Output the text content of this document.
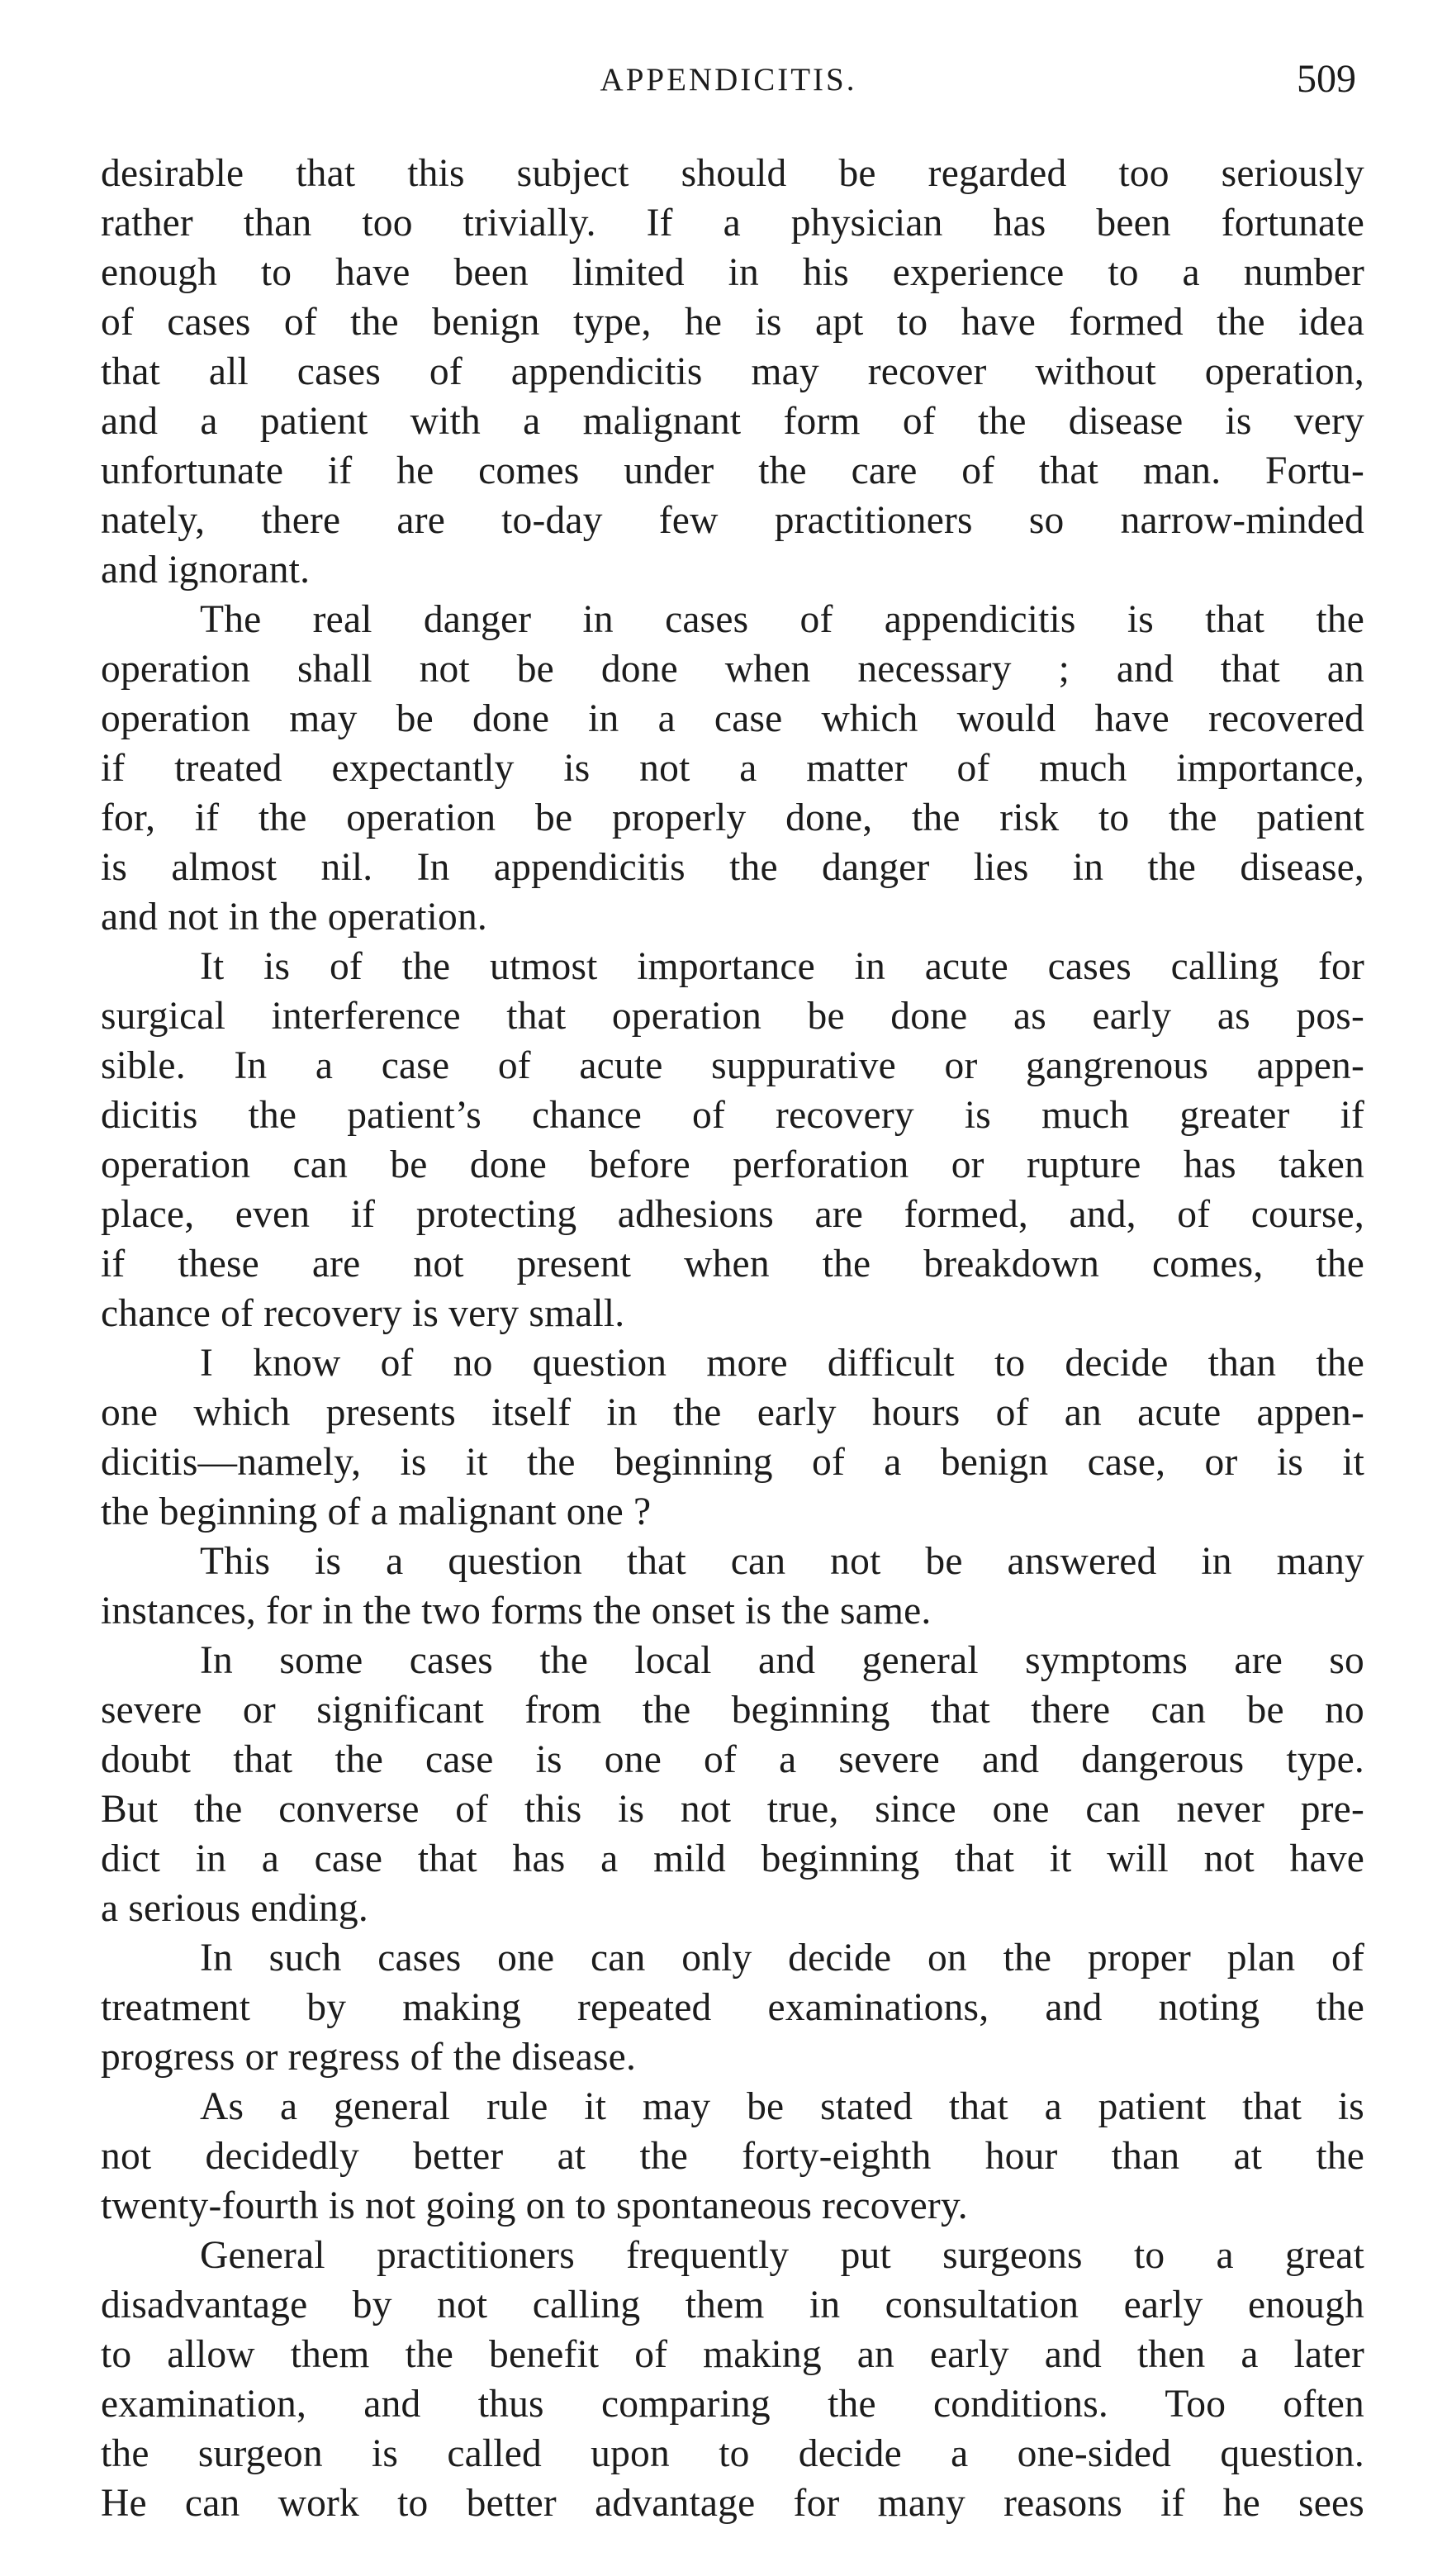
APPENDICITIS.	509
desirable that this subject should be regarded too seriously
rather than too trivially. If a physician has been fortunate
enough to have been limited in his experience to a number
of cases of the benign type, he is apt to have formed the idea
that all cases of appendicitis may recover without operation,
and a patient with a malignant form of the disease is very
unfortunate if he comes under the care of that man. Fortu-
nately, there are to-day few practitioners so narrow-minded
and ignorant.
The real danger in cases of appendicitis is that the
operation shall not be done when necessary ; and that an
operation may be done in a case which would have recovered
if treated expectantly is not a matter of much importance,
for, if the operation be properly done, the risk to the patient
is almost nil. In appendicitis the danger lies in the disease,
and not in the operation.
It is of the utmost importance in acute cases calling for
surgical interference that operation be done as early as pos-
sible. In a case of acute suppurative or gangrenous appen-
dicitis the patient’s chance of recovery is much greater if
operation can be done before perforation or rupture has taken
place, even if protecting adhesions are formed, and, of course,
if these are not present when the breakdown comes, the
chance of recovery is very small.
I know of no question more difficult to decide than the
one which presents itself in the early hours of an acute appen-
dicitis—namely, is it the beginning of a benign case, or is it
the beginning of a malignant one ?
This is a question that can not be answered in many
instances, for in the two forms the onset is the same.
In some cases the local and general symptoms are so
severe or significant from the beginning that there can be no
doubt that the case is one of a severe and dangerous type.
But the converse of this is not true, since one can never pre-
dict in a case that has a mild beginning that it will not have
a serious ending.
In such cases one can only decide on the proper plan of
treatment by making repeated examinations, and noting the
progress or regress of the disease.
As a general rule it may be stated that a patient that is
not decidedly better at the forty-eighth hour than at the
twenty-fourth is not going on to spontaneous recovery.
General practitioners frequently put surgeons to a great
disadvantage by not calling them in consultation early enough
to allow them the benefit of making an early and then a later
examination, and thus comparing the conditions. Too often
the surgeon is called upon to decide a one-sided question.
He can work to better advantage for many reasons if he sees
